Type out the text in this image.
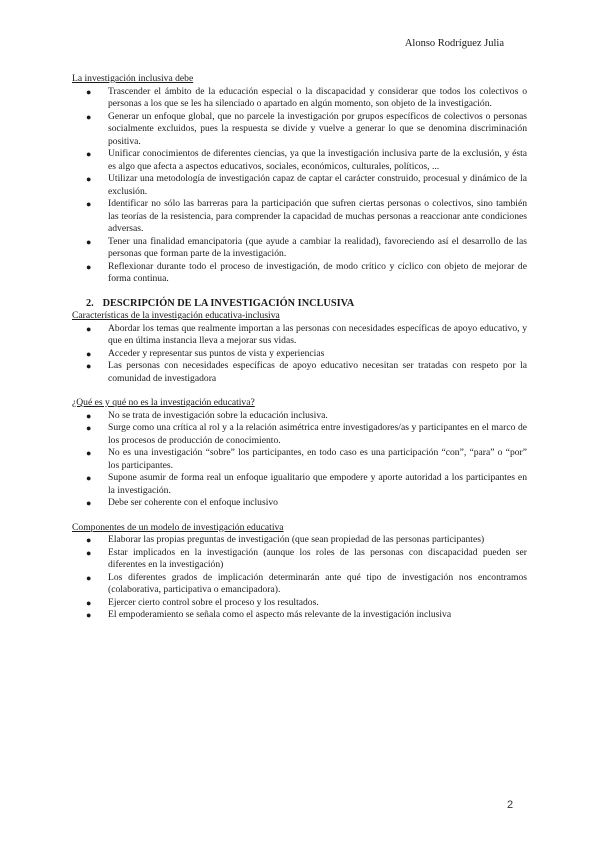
Alonso Rodríguez Julia

La investigación inclusiva debe

● Trascender el ámbito de la educación especial o la discapacidad y considerar que todos los colectivos o personas a los que se les ha silenciado o apartado en algún momento, son objeto de la investigación.
● Generar un enfoque global, que no parcele la investigación por grupos específicos de colectivos o personas socialmente excluidos, pues la respuesta se divide y vuelve a generar lo que se denomina discriminación positiva.
● Unificar conocimientos de diferentes ciencias, ya que la investigación inclusiva parte de la exclusión, y ésta es algo que afecta a aspectos educativos, sociales, económicos, culturales, políticos, ...
● Utilizar una metodología de investigación capaz de captar el carácter construido, procesual y dinámico de la exclusión.
● Identificar no sólo las barreras para la participación que sufren ciertas personas o colectivos, sino también las teorías de la resistencia, para comprender la capacidad de muchas personas a reaccionar ante condiciones adversas.
● Tener una finalidad emancipatoria (que ayude a cambiar la realidad), favoreciendo así el desarrollo de las personas que forman parte de la investigación.
● Reflexionar durante todo el proceso de investigación, de modo crítico y cíclico con objeto de mejorar de forma continua.

2. DESCRIPCIÓN DE LA INVESTIGACIÓN INCLUSIVA

Características de la investigación educativa-inclusiva

● Abordar los temas que realmente importan a las personas con necesidades específicas de apoyo educativo, y que en última instancia lleva a mejorar sus vidas.
● Acceder y representar sus puntos de vista y experiencias
● Las personas con necesidades específicas de apoyo educativo necesitan ser tratadas con respeto por la comunidad de investigadora

¿Qué es y qué no es la investigación educativa?

● No se trata de investigación sobre la educación inclusiva.
● Surge como una crítica al rol y a la relación asimétrica entre investigadores/as y participantes en el marco de los procesos de producción de conocimiento.
● No es una investigación “sobre” los participantes, en todo caso es una participación “con”, “para” o “por” los participantes.
● Supone asumir de forma real un enfoque igualitario que empodere y aporte autoridad a los participantes en la investigación.
● Debe ser coherente con el enfoque inclusivo

Componentes de un modelo de investigación educativa

● Elaborar las propias preguntas de investigación (que sean propiedad de las personas participantes)
● Estar implicados en la investigación (aunque los roles de las personas con discapacidad pueden ser diferentes en la investigación)
● Los diferentes grados de implicación determinarán ante qué tipo de investigación nos encontramos (colaborativa, participativa o emancipadora).
● Ejercer cierto control sobre el proceso y los resultados.
● El empoderamiento se señala como el aspecto más relevante de la investigación inclusiva
2
